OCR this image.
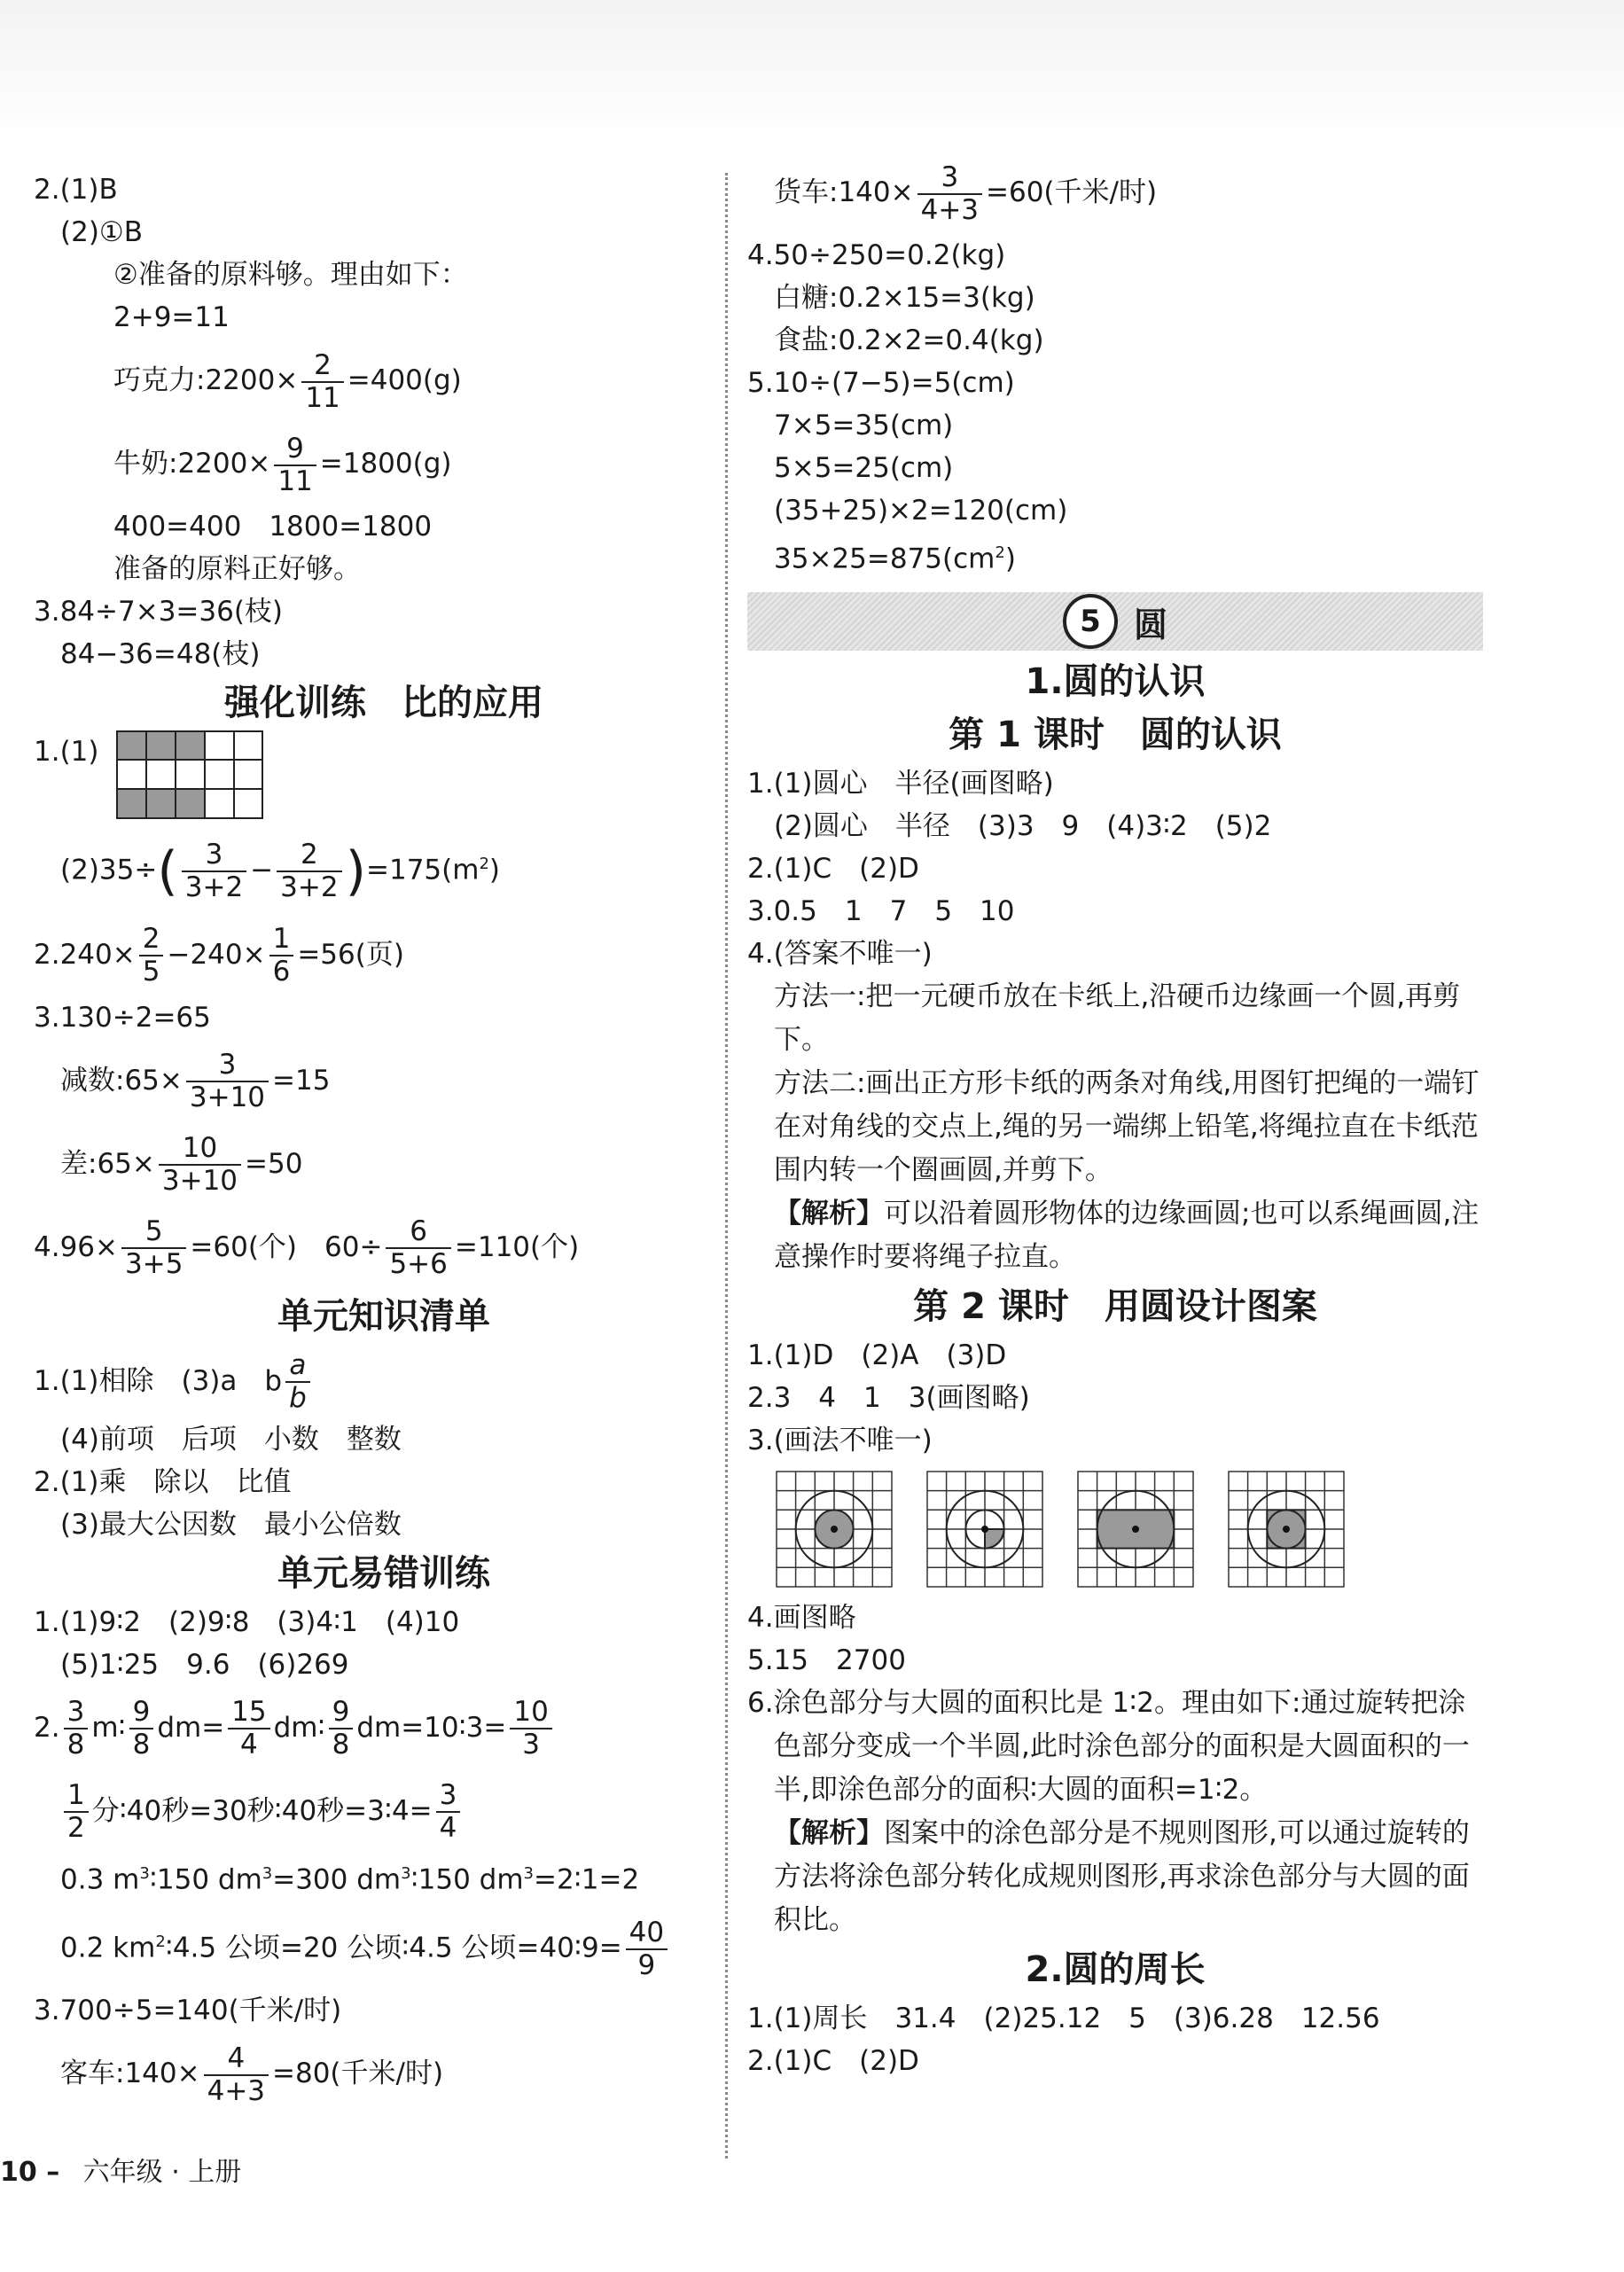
2.(1)B
(2)①B
②准备的原料够。理由如下：
2+9=11
巧克力:2200× $\frac{2}{11} =400(g)$
牛奶:2200× $\frac{9}{11} =1800(g)$
400=400　1800=1800
准备的原料正好够。
3.84÷7×3=36(枝)
84−36=48(枝)
强化训练　比的应用
1.(1)
$(2)35\div( \frac{3}{3+2} - \frac{2}{3+2} )=175(m^2)$
$2.240\times \frac{2}{5} -240\times \frac{1}{6} =56$(页)
3.130÷2=65
减数:65× $\frac{3}{3+10} =15$
差:65× $\frac{10}{3+10} =50$
$4.96\times \frac{5}{3+5} =60$(个)　$60\div \frac{6}{5+6} =110$(个)
单元知识清单
1.(1)相除　(3)a　b $\frac{a}{b}$
(4)前项　后项　小数　整数
2.(1)乘　除以　比值
(3)最大公因数　最小公倍数
单元易错训练
1.(1)9∶2　(2)9∶8　(3)4∶1　(4)10
(5)1∶25　9.6　(6)269
2. $\frac{3}{8}$ m∶ $\frac{9}{8} dm= \frac{15}{4}$ dm∶ $\frac{9}{8}$ dm=10∶3= $\frac{10}{3}$
$\frac{1}{2}$ 分∶40秒=30秒∶40秒=3∶4= $\frac{3}{4}$
0.3 $m^3∶150$ $dm^3=300$ $dm^3∶150$ $dm^3=2∶1=2$
0.2 $km^2∶4.5$ 公顷=20 公顷∶4.5 公顷=40∶9= $\frac{40}{9}$
3.700÷5=140(千米/时)
客车:140× $\frac{4}{4+3} =80$(千米/时)
货车:140× $\frac{3}{4+3} =60$(千米/时)
4.50÷250=0.2(kg)
白糖:0.2×15=3(kg)
食盐:0.2×2=0.4(kg)
5.10÷(7−5)=5(cm)
7×5=35(cm)
5×5=25(cm)
(35+25)×2=120(cm)
$35\times 25=875(cm^2)$
5 圆
1.圆的认识
第 1 课时　圆的认识
1.(1)圆心　半径(画图略)
(2)圆心　半径　(3)3　9　(4)3∶2　(5)2
2.(1)C　(2)D
3.0.5　1　7　5　10
4.(答案不唯一)
方法一:把一元硬币放在卡纸上,沿硬币边缘画一个圆,再剪下。
方法二:画出正方形卡纸的两条对角线,用图钉把绳的一端钉在对角线的交点上,绳的另一端绑上铅笔,将绳拉直在卡纸范围内转一个圈画圆,并剪下。
【解析】可以沿着圆形物体的边缘画圆;也可以系绳画圆,注意操作时要将绳子拉直。
第 2 课时　用圆设计图案
1.(1)D　(2)A　(3)D
2.3　4　1　3(画图略)
3.(画法不唯一)
4.画图略
5.15　2700
6.涂色部分与大圆的面积比是 1∶2。理由如下:通过旋转把涂色部分变成一个半圆,此时涂色部分的面积是大圆面积的一半,即涂色部分的面积∶大圆的面积=1∶2。
【解析】图案中的涂色部分是不规则图形,可以通过旋转的方法将涂色部分转化成规则图形,再求涂色部分与大圆的面积比。
2.圆的周长
1.(1)周长　31.4　(2)25.12　5　(3)6.28　12.56
2.(1)C　(2)D
10 – 六年级 · 上册
